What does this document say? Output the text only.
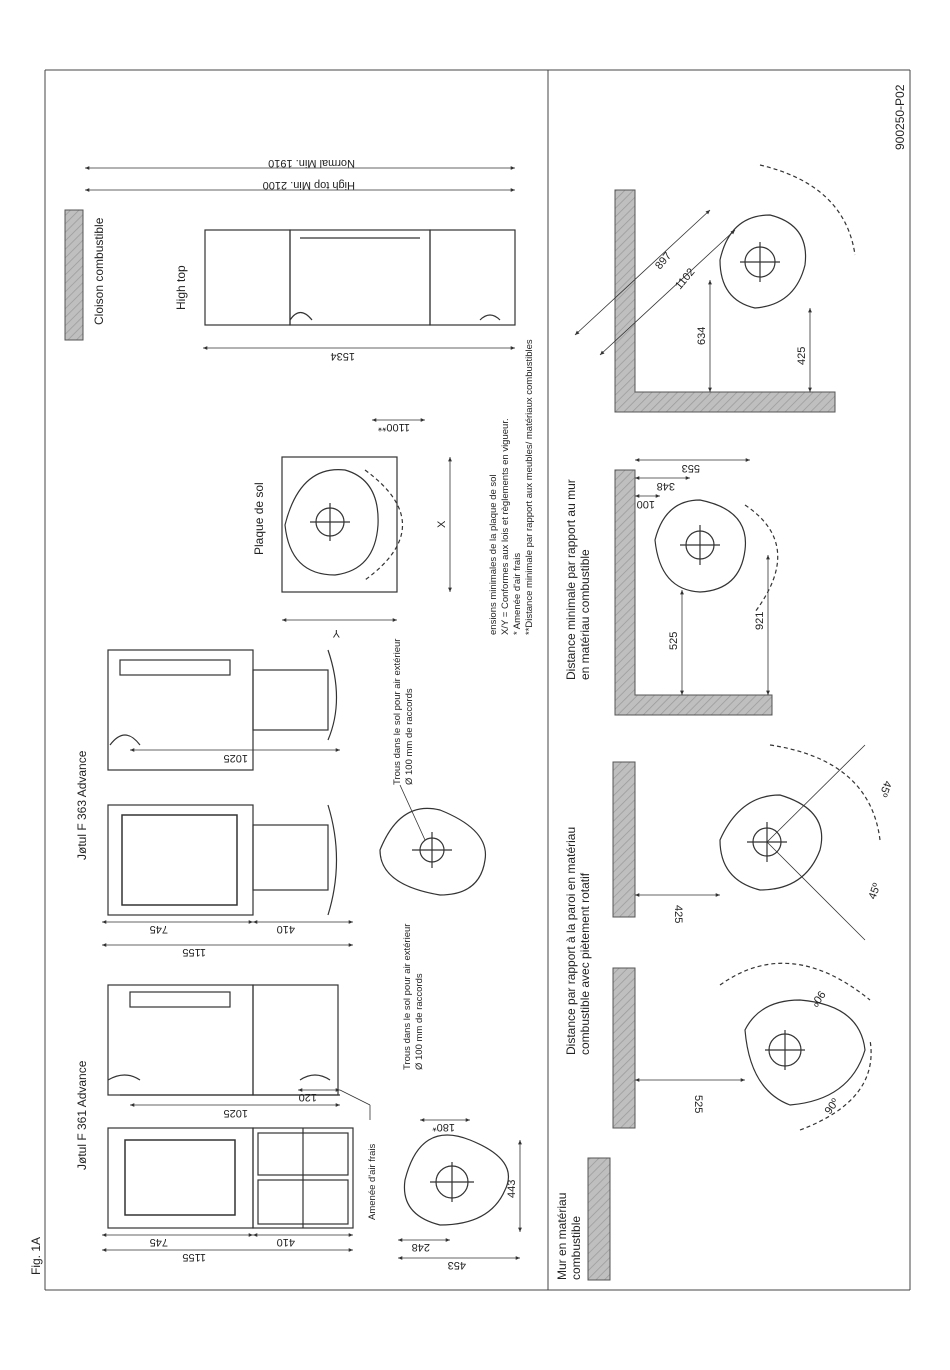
Fig. 1A
900250-P02
Jøtul F 361 Advance
1155
745	410
1025
120
Amenée d'air frais
Trous dans le sol pour air extérieur Ø 100 mm de raccords
443
453
248
180*
Jøtul F 363 Advance
1155
745	410
1025	Trous dans le sol pour air extérieur Ø 100 mm de raccords
Plaque de sol
Y
X
1100**
ensions minimales de la plaque de sol X/Y = Conformes aux lois et règlements en vigueur. * Amenée d'air frais **Distance minimale par rapport aux meubles/ matériaux combustibles
High top
Cloison combustible
1534
High top Min. 2100
Normal Min. 1910
Mur en matériau combustible
525
90º
90º
425
45º
45º
Distance par rapport à la paroi en matériau combustible avec piètement rotatif
553
348
100
525
921
Distance minimale par rapport au mur en matériau combustible
897
1102
634
425
